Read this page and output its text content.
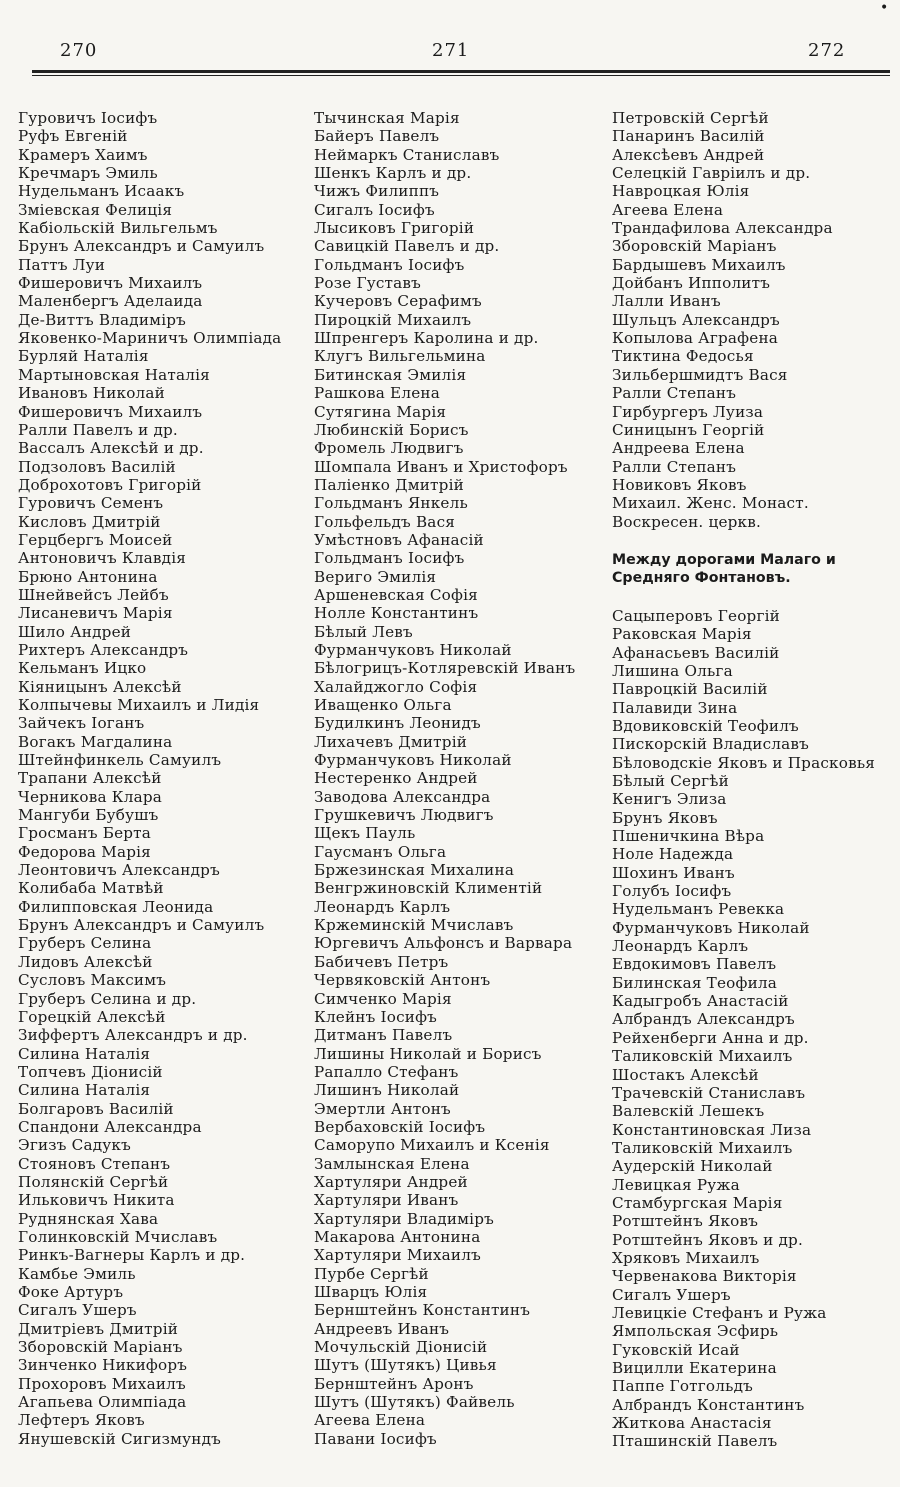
•
270	271	272
Гуровичъ Іосифъ
Руфъ Евгеній
Крамеръ Хаимъ
Кречмаръ Эмиль
Нудельманъ Исаакъ
Зміевская Фелиція
Кабіольскій Вильгельмъ
Брунъ Александръ и Самуилъ
Паттъ Луи
Фишеровичъ Михаилъ
Маленбергъ Аделаида
Де-Виттъ Владиміръ
Яковенко-Мариничъ Олимпіада
Бурляй Наталія
Мартыновская Наталія
Ивановъ Николай
Фишеровичъ Михаилъ
Ралли Павелъ и др.
Вассалъ Алексѣй и др.
Подзоловъ Василій
Доброхотовъ Григорій
Гуровичъ Семенъ
Кисловъ Дмитрій
Герцбергъ Моисей
Антоновичъ Клавдія
Брюно Антонина
Шнейвейсъ Лейбъ
Лисаневичъ Марія
Шило Андрей
Рихтеръ Александръ
Кельманъ Ицко
Кіяницынъ Алексѣй
Колпычевы Михаилъ и Лидія
Зайчекъ Іоганъ
Вогакъ Магдалина
Штейнфинкель Самуилъ
Трапани Алексѣй
Черникова Клара
Мангуби Бубушъ
Гросманъ Берта
Федорова Марія
Леонтовичъ Александръ
Колибаба Матвѣй
Филипповская Леонида
Брунъ Александръ и Самуилъ
Груберъ Селина
Лидовъ Алексѣй
Сусловъ Максимъ
Груберъ Селина и др.
Горецкій Алексѣй
Зиффертъ Александръ и др.
Силина Наталія
Топчевъ Діонисій
Силина Наталія
Болгаровъ Василій
Спандони Александра
Эгизъ Садукъ
Стояновъ Степанъ
Полянскій Сергѣй
Ильковичъ Никита
Руднянская Хава
Голинковскій Мчиславъ
Ринкъ-Вагнеры Карлъ и др.
Камбье Эмиль
Фоке Артуръ
Сигалъ Ушеръ
Дмитріевъ Дмитрій
Зборовскій Маріанъ
Зинченко Никифоръ
Прохоровъ Михаилъ
Агапьева Олимпіада
Лефтеръ Яковъ
Янушевскій Сигизмундъ
Тычинская Марія
Байеръ Павелъ
Неймаркъ Станиславъ
Шенкъ Карлъ и др.
Чижъ Филиппъ
Сигалъ Іосифъ
Лысиковъ Григорій
Савицкій Павелъ и др.
Гольдманъ Іосифъ
Розе Густавъ
Кучеровъ Серафимъ
Пироцкій Михаилъ
Шпренгеръ Каролина и др.
Клугъ Вильгельмина
Битинская Эмилія
Рашкова Елена
Сутягина Марія
Любинскій Борисъ
Фромель Людвигъ
Шомпала Иванъ и Христофоръ
Паліенко Дмитрій
Гольдманъ Янкель
Гольфельдъ Вася
Умѣстновъ Афанасій
Гольдманъ Іосифъ
Вериго Эмилія
Аршеневская Софія
Ноллe Константинъ
Бѣлый Левъ
Фурманчуковъ Николай
Бѣлогрицъ-Котляревскій Иванъ
Халайджогло Софія
Иващенко Ольга
Будилкинъ Леонидъ
Лихачевъ Дмитрій
Фурманчуковъ Николай
Нестеренко Андрей
Заводова Александра
Грушкевичъ Людвигъ
Щекъ Пауль
Гаусманъ Ольга
Бржезинская Михалина
Венгржиновскій Климентій
Леонардъ Карлъ
Кржеминскій Мчиславъ
Юргевичъ Альфонсъ и Варвара
Бабичевъ Петръ
Червяковскій Антонъ
Симченко Марія
Клейнъ Іосифъ
Дитманъ Павелъ
Лишины Николай и Борисъ
Рапалло Стефанъ
Лишинъ Николай
Эмертли Антонъ
Вербаховскій Іосифъ
Саморупо Михаилъ и Ксенія
Замлынская Елена
Хартуляри Андрей
Хартуляри Иванъ
Хартуляри Владиміръ
Макарова Антонина
Хартуляри Михаилъ
Пурбе Сергѣй
Шварцъ Юлія
Бернштейнъ Константинъ
Андреевъ Иванъ
Мочульскій Діонисій
Шутъ (Шутякъ) Цивья
Бернштейнъ Аронъ
Шутъ (Шутякъ) Файвель
Агеева Елена
Павани Іосифъ
Петровскій Сергѣй
Панаринъ Василій
Алексѣевъ Андрей
Селецкій Гавріилъ и др.
Навроцкая Юлія
Агеева Елена
Трандафилова Александра
Зборовскій Маріанъ
Бардышевъ Михаилъ
Дойбанъ Ипполитъ
Лалли Иванъ
Шульцъ Александръ
Копылова Аграфена
Тиктина Федосья
Зильбершмидтъ Вася
Ралли Степанъ
Гирбургеръ Луиза
Синицынъ Георгій
Андреева Елена
Ралли Степанъ
Новиковъ Яковъ
Михаил. Женс. Монаст.
Воскресен. церкв.
Между дорогами Малаго и Средняго Фонтановъ.
Сацыперовъ Георгій
Раковская Марія
Афанасьевъ Василій
Лишина Ольга
Павроцкій Василій
Палавиди Зина
Вдовиковскій Теофилъ
Пискорскій Владиславъ
Бѣловодскіе Яковъ и Прасковья
Бѣлый Сергѣй
Кенигъ Элиза
Брунъ Яковъ
Пшеничкина Вѣра
Ноле Надежда
Шохинъ Иванъ
Голубъ Іосифъ
Нудельманъ Ревекка
Фурманчуковъ Николай
Леонардъ Карлъ
Евдокимовъ Павелъ
Билинская Теофила
Кадыгробъ Анастасій
Албрандъ Александръ
Рейхенберги Анна и др.
Таликовскій Михаилъ
Шостакъ Алексѣй
Трачевскій Станиславъ
Валевскій Лешекъ
Константиновская Лиза
Таликовскій Михаилъ
Аудерскій Николай
Левицкая Ружа
Стамбургская Марія
Ротштейнъ Яковъ
Ротштейнъ Яковъ и др.
Хряковъ Михаилъ
Червенакова Викторія
Сигалъ Ушеръ
Левицкіе Стефанъ и Ружа
Ямпольская Эсфирь
Гуковскій Исай
Вицилли Екатерина
Паппе Готгольдъ
Албрандъ Константинъ
Житкова Анастасія
Пташинскій Павелъ
